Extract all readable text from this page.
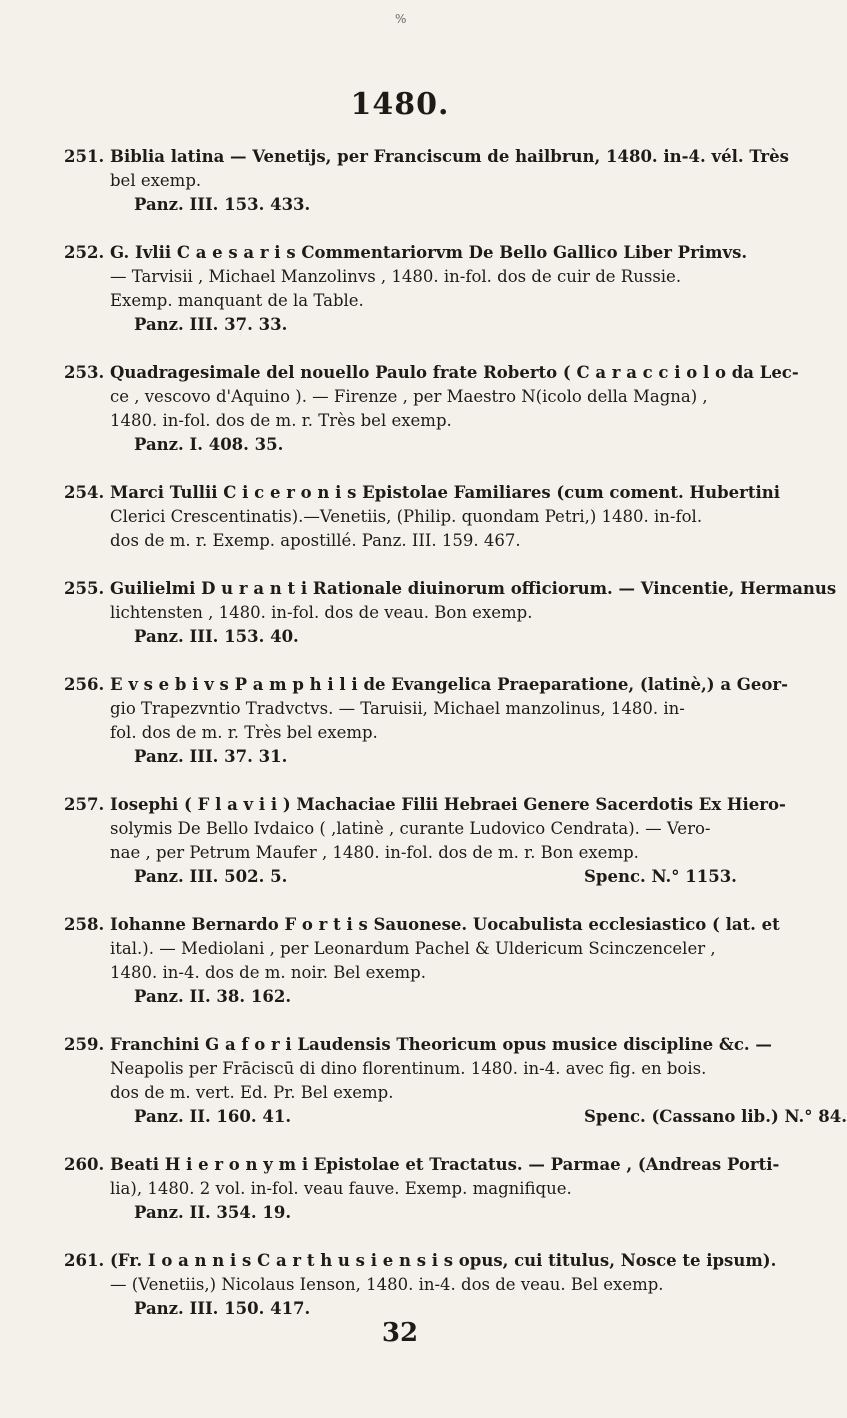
%
1480.
251. Biblia latina — Venetijs, per Franciscum de hailbrun, 1480. in-4. vél. Très
bel exemp.
Panz. III. 153. 433.
252. G. Ivlii C a e s a r i s Commentariorvm De Bello Gallico Liber Primvs.
— Tarvisii , Michael Manzolinvs , 1480. in-fol. dos de cuir de Russie.
Exemp. manquant de la Table.
Panz. III. 37. 33.
253. Quadragesimale del nouello Paulo frate Roberto ( C a r a c c i o l o da Lec-
ce , vescovo d'Aquino ). — Firenze , per Maestro N(icolo della Magna) ,
1480. in-fol. dos de m. r. Très bel exemp.
Panz. I. 408. 35.
254. Marci Tullii C i c e r o n i s Epistolae Familiares (cum coment. Hubertini
Clerici Crescentinatis).—Venetiis, (Philip. quondam Petri,) 1480. in-fol.
dos de m. r. Exemp. apostillé. Panz. III. 159. 467.
255. Guilielmi D u r a n t i Rationale diuinorum officiorum. — Vincentie, Hermanus
lichtensten , 1480. in-fol. dos de veau. Bon exemp.
Panz. III. 153. 40.
256. E v s e b i v s P a m p h i l i de Evangelica Praeparatione, (latinè,) a Geor-
gio Trapezvntio Tradvctvs. — Taruisii, Michael manzolinus, 1480. in-
fol. dos de m. r. Très bel exemp.
Panz. III. 37. 31.
257. Iosephi ( F l a v i i ) Machaciae Filii Hebraei Genere Sacerdotis Ex Hiero-
solymis De Bello Ivdaico ( ,latinè , curante Ludovico Cendrata). — Vero-
nae , per Petrum Maufer , 1480. in-fol. dos de m. r. Bon exemp.
Panz. III. 502. 5.	Spenc. N.° 1153.
258. Iohanne Bernardo F o r t i s Sauonese. Uocabulista ecclesiastico ( lat. et
ital.). — Mediolani , per Leonardum Pachel & Uldericum Scinczenceler ,
1480. in-4. dos de m. noir. Bel exemp.
Panz. II. 38. 162.
259. Franchini G a f o r i Laudensis Theoricum opus musice discipline &c. —
Neapolis per Frāciscū di dino florentinum. 1480. in-4. avec fig. en bois.
dos de m. vert. Ed. Pr. Bel exemp.
Panz. II. 160. 41.	Spenc. (Cassano lib.) N.° 84.
260. Beati H i e r o n y m i Epistolae et Tractatus. — Parmae , (Andreas Porti-
lia), 1480. 2 vol. in-fol. veau fauve. Exemp. magnifique.
Panz. II. 354. 19.
261. (Fr. I o a n n i s C a r t h u s i e n s i s opus, cui titulus, Nosce te ipsum).
— (Venetiis,) Nicolaus Ienson, 1480. in-4. dos de veau. Bel exemp.
Panz. III. 150. 417.
32
